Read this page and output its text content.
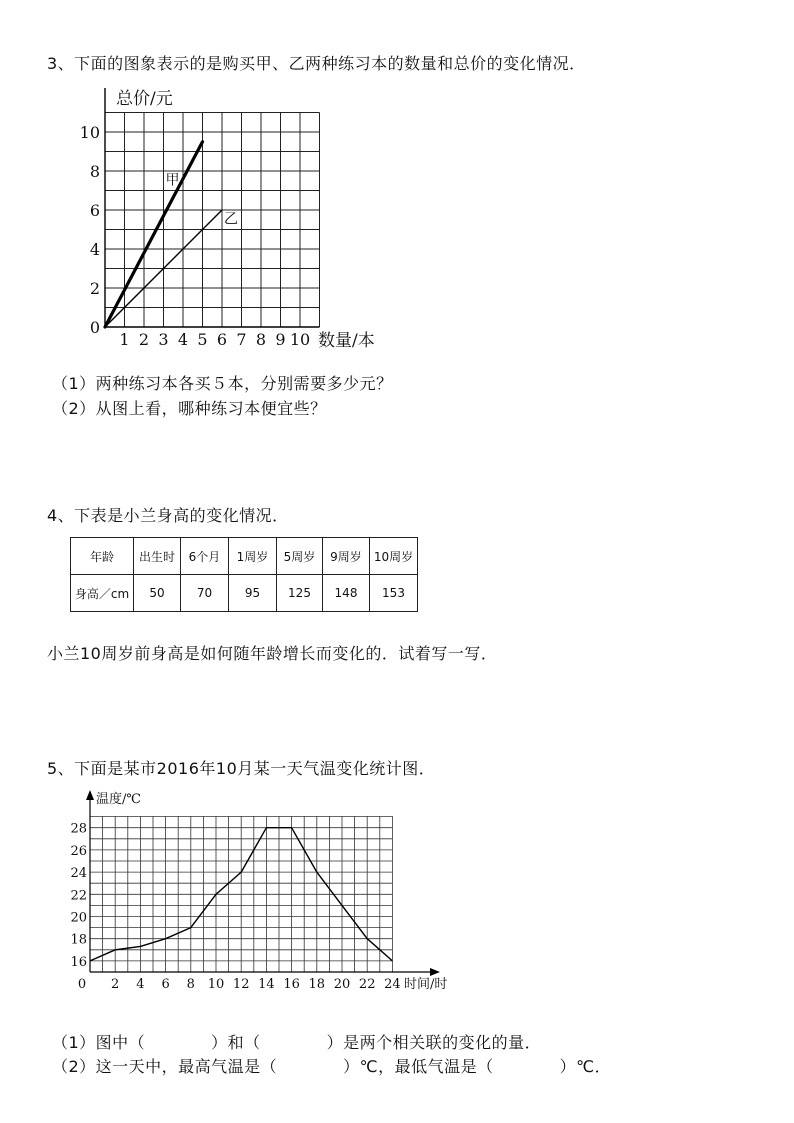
3、下面的图象表示的是购买甲、乙两种练习本的数量和总价的变化情况．
1 2 3 4 5 6 7 8 9 10
0
2
4
6
8
10
甲
乙
总价/元
数量/本
（1）两种练习本各买５本，分别需要多少元？
（2）从图上看，哪种练习本便宜些？
4、下表是小兰身高的变化情况．
年龄	出生时	6个月	1周岁	5周岁	9周岁	10周岁
身高／cm	50	70	95	125	148	153
小兰10周岁前身高是如何随年龄增长而变化的．试着写一写．
5、下面是某市2016年10月某一天气温变化统计图．
0 2 4 6 8 10 12 14 16 18 20 22 24
16
18
20
22
24
26
28
温度/℃
时间/时
（1）图中（　　　　）和（　　　　）是两个相关联的变化的量．
（2）这一天中，最高气温是（　　　　）℃，最低气温是（　　　　）℃．
